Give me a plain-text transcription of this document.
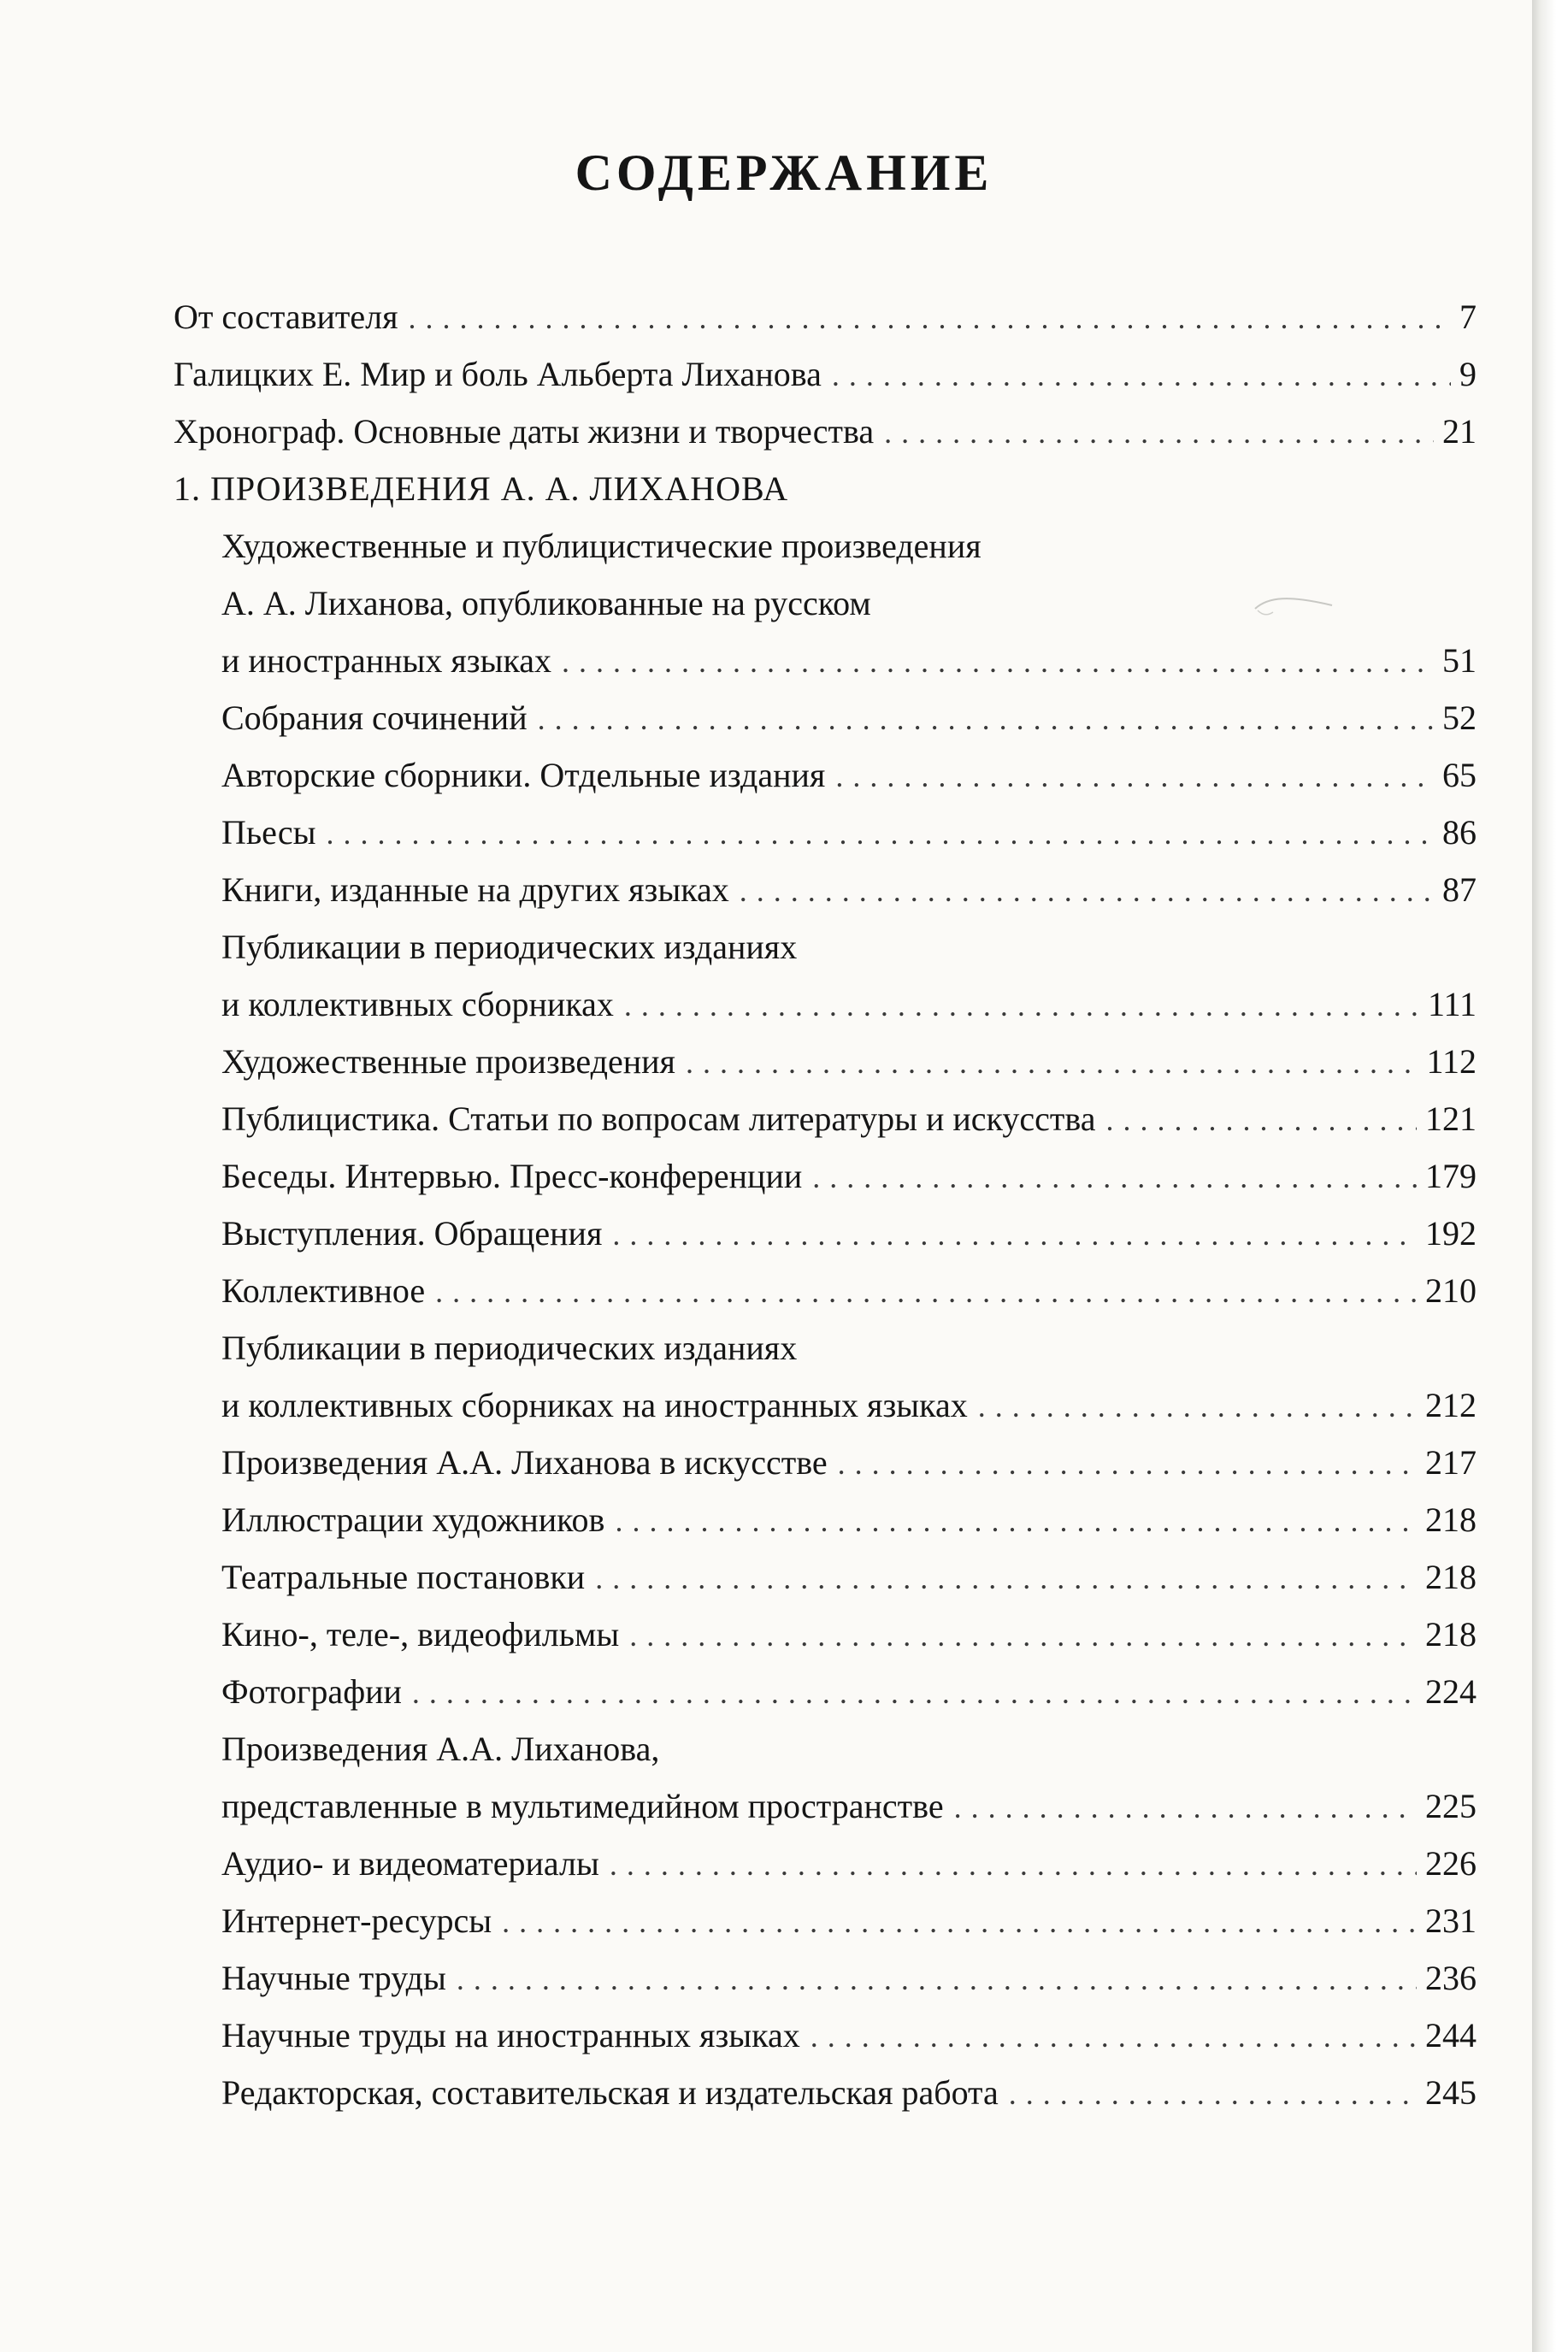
СОДЕРЖАНИЕ
От составителя . . .	7
Галицких Е. Мир и боль Альберта Лиханова . . .	9
Хронограф. Основные даты жизни и творчества . . .	21
1. ПРОИЗВЕДЕНИЯ А. А. ЛИХАНОВА
Художественные и публицистические произведения
А. А. Лиханова, опубликованные на русском
и иностранных языках . . .	51
Собрания сочинений . . .	52
Авторские сборники. Отдельные издания . . .	65
Пьесы . . .	86
Книги, изданные на других языках . . .	87
Публикации в периодических изданиях
и коллективных сборниках . . .	111
Художественные произведения . . .	112
Публицистика. Статьи по вопросам литературы и искусства . . .	121
Беседы. Интервью. Пресс-конференции . . .	179
Выступления. Обращения . . .	192
Коллективное . . .	210
Публикации в периодических изданиях
и коллективных сборниках на иностранных языках . . .	212
Произведения А.А. Лиханова в искусстве . . .	217
Иллюстрации художников . . .	218
Театральные постановки . . .	218
Кино-, теле-, видеофильмы . . .	218
Фотографии . . .	224
Произведения А.А. Лиханова,
представленные в мультимедийном пространстве . . .	225
Аудио- и видеоматериалы . . .	226
Интернет-ресурсы . . .	231
Научные труды . . .	236
Научные труды на иностранных языках . . .	244
Редакторская, составительская и издательская работа . . .	245
